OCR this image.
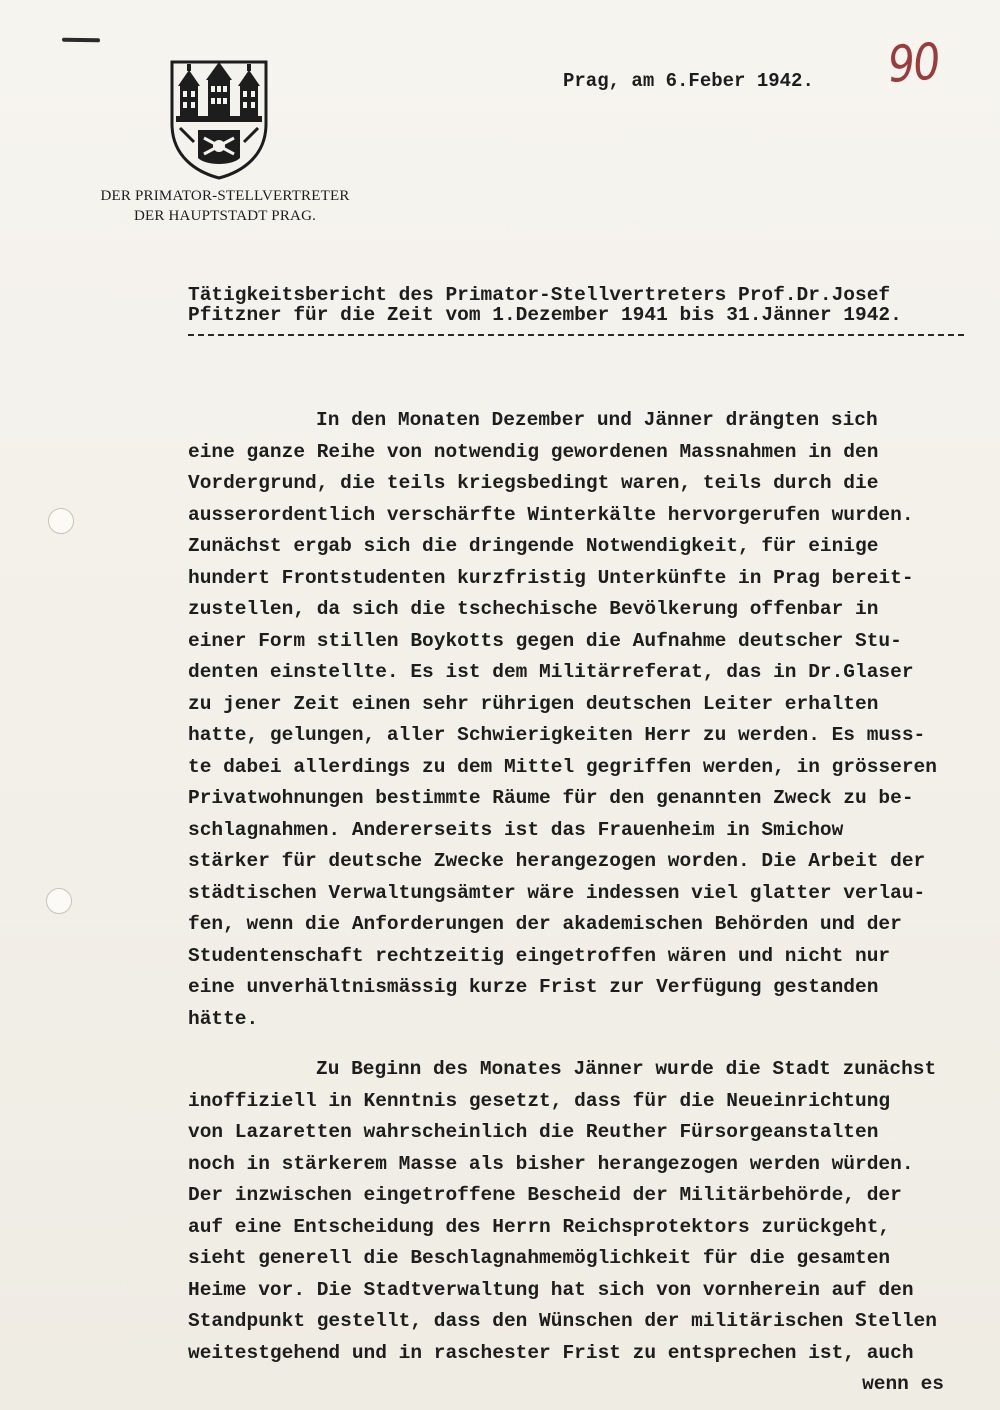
DER PRIMATOR-STELLVERTRETER
DER HAUPTSTADT PRAG.
Prag, am 6.Feber 1942. 90
Tätigkeitsbericht des Primator-Stellvertreters Prof.Dr.Josef
Pfitzner für die Zeit vom 1.Dezember 1941 bis 31.Jänner 1942.
In den Monaten Dezember und Jänner drängten sich
eine ganze Reihe von notwendig gewordenen Massnahmen in den
Vordergrund, die teils kriegsbedingt waren, teils durch die
ausserordentlich verschärfte Winterkälte hervorgerufen wurden.
Zunächst ergab sich die dringende Notwendigkeit, für einige
hundert Frontstudenten kurzfristig Unterkünfte in Prag bereit-
zustellen, da sich die tschechische Bevölkerung offenbar in
einer Form stillen Boykotts gegen die Aufnahme deutscher Stu-
denten einstellte. Es ist dem Militärreferat, das in Dr.Glaser
zu jener Zeit einen sehr rührigen deutschen Leiter erhalten
hatte, gelungen, aller Schwierigkeiten Herr zu werden. Es muss-
te dabei allerdings zu dem Mittel gegriffen werden, in grösseren
Privatwohnungen bestimmte Räume für den genannten Zweck zu be-
schlagnahmen. Andererseits ist das Frauenheim in Smichow
stärker für deutsche Zwecke herangezogen worden. Die Arbeit der
städtischen Verwaltungsämter wäre indessen viel glatter verlau-
fen, wenn die Anforderungen der akademischen Behörden und der
Studentenschaft rechtzeitig eingetroffen wären und nicht nur
eine unverhältnismässig kurze Frist zur Verfügung gestanden
hätte.
Zu Beginn des Monates Jänner wurde die Stadt zunächst
inoffiziell in Kenntnis gesetzt, dass für die Neueinrichtung
von Lazaretten wahrscheinlich die Reuther Fürsorgeanstalten
noch in stärkerem Masse als bisher herangezogen werden würden.
Der inzwischen eingetroffene Bescheid der Militärbehörde, der
auf eine Entscheidung des Herrn Reichsprotektors zurückgeht,
sieht generell die Beschlagnahmemöglichkeit für die gesamten
Heime vor. Die Stadtverwaltung hat sich von vornherein auf den
Standpunkt gestellt, dass den Wünschen der militärischen Stellen
weitestgehend und in raschester Frist zu entsprechen ist, auch
wenn es
